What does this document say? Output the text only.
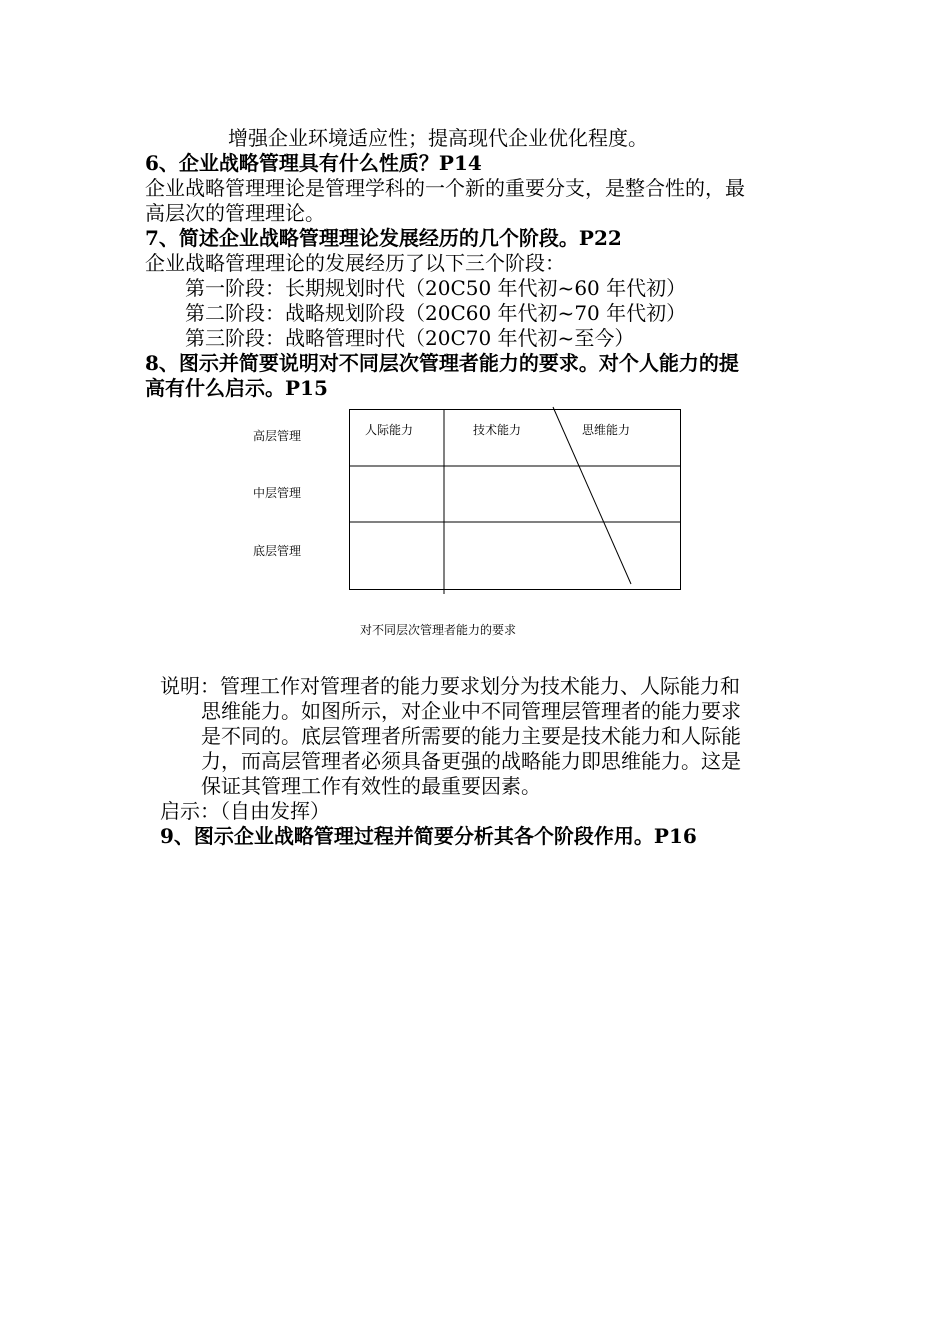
增强企业环境适应性；提高现代企业优化程度。
6、企业战略管理具有什么性质？P14
企业战略管理理论是管理学科的一个新的重要分支，是整合性的，最
高层次的管理理论。
7、简述企业战略管理理论发展经历的几个阶段。P22
企业战略管理理论的发展经历了以下三个阶段：
第一阶段：长期规划时代（20C50 年代初~60 年代初）
第二阶段：战略规划阶段（20C60 年代初~70 年代初）
第三阶段：战略管理时代（20C70 年代初~至今）
8、图示并简要说明对不同层次管理者能力的要求。对个人能力的提
高有什么启示。P15
高层管理
中层管理
底层管理
人际能力	技术能力	思维能力
对不同层次管理者能力的要求
说明：管理工作对管理者的能力要求划分为技术能力、人际能力和
思维能力。如图所示，对企业中不同管理层管理者的能力要求
是不同的。底层管理者所需要的能力主要是技术能力和人际能
力，而高层管理者必须具备更强的战略能力即思维能力。这是
保证其管理工作有效性的最重要因素。
启示：（自由发挥）
9、图示企业战略管理过程并简要分析其各个阶段作用。P16
